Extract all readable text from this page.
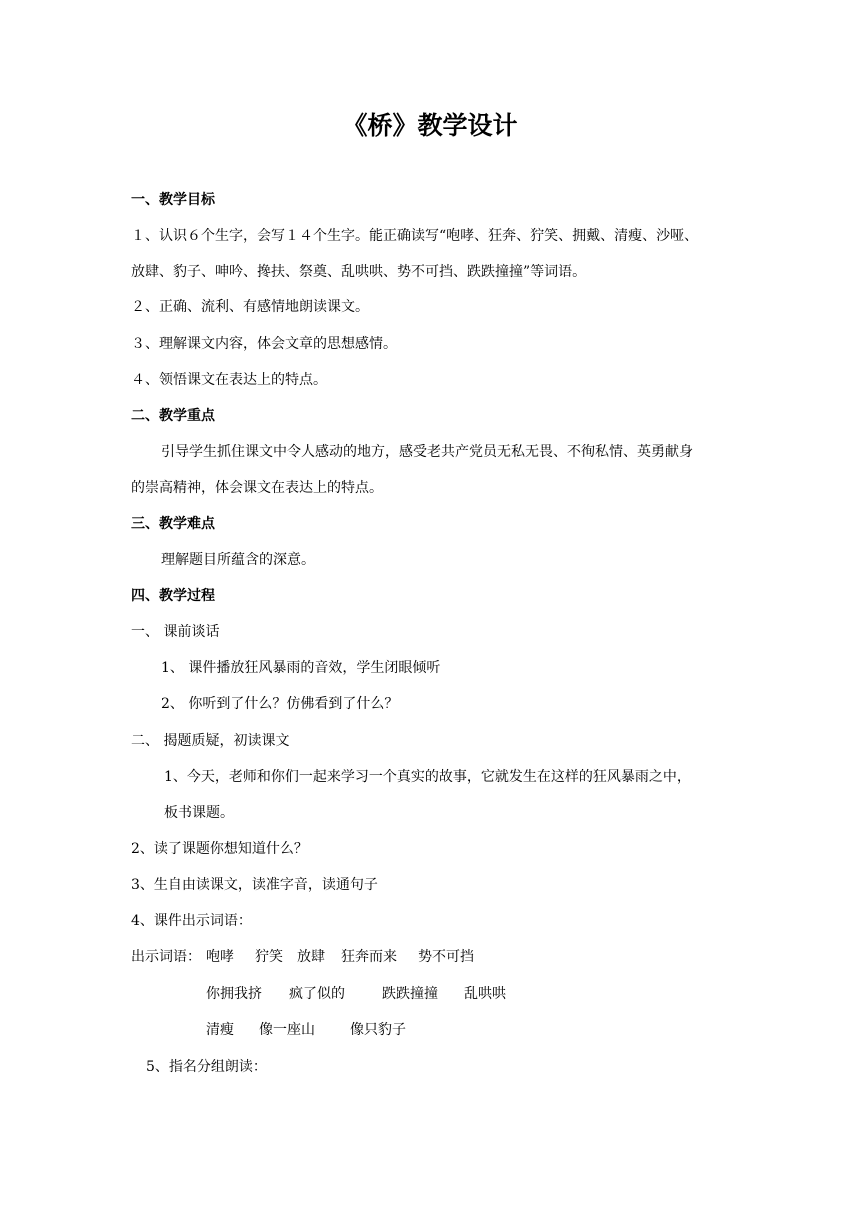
《桥》教学设计
一、教学目标
１、认识６个生字，会写１４个生字。能正确读写“咆哮、狂奔、狞笑、拥戴、清瘦、沙哑、
放肆、豹子、呻吟、搀扶、祭奠、乱哄哄、势不可挡、跌跌撞撞”等词语。
２、正确、流利、有感情地朗读课文。
３、理解课文内容，体会文章的思想感情。
４、领悟课文在表达上的特点。
二、教学重点
引导学生抓住课文中令人感动的地方，感受老共产党员无私无畏、不徇私情、英勇献身
的崇高精神，体会课文在表达上的特点。
三、教学难点
理解题目所蕴含的深意。
四、教学过程
一、 课前谈话
1、 课件播放狂风暴雨的音效，学生闭眼倾听
2、 你听到了什么？仿佛看到了什么？
二、 揭题质疑，初读课文
1、今天，老师和你们一起来学习一个真实的故事，它就发生在这样的狂风暴雨之中，
板书课题。
2、读了课题你想知道什么？
3、生自由读课文，读准字音，读通句子
4、课件出示词语：
出示词语： 咆哮 狞笑 放肆 狂奔而来 势不可挡
你拥我挤 疯了似的	跌跌撞撞 乱哄哄
清瘦 像一座山	像只豹子
5、指名分组朗读：
